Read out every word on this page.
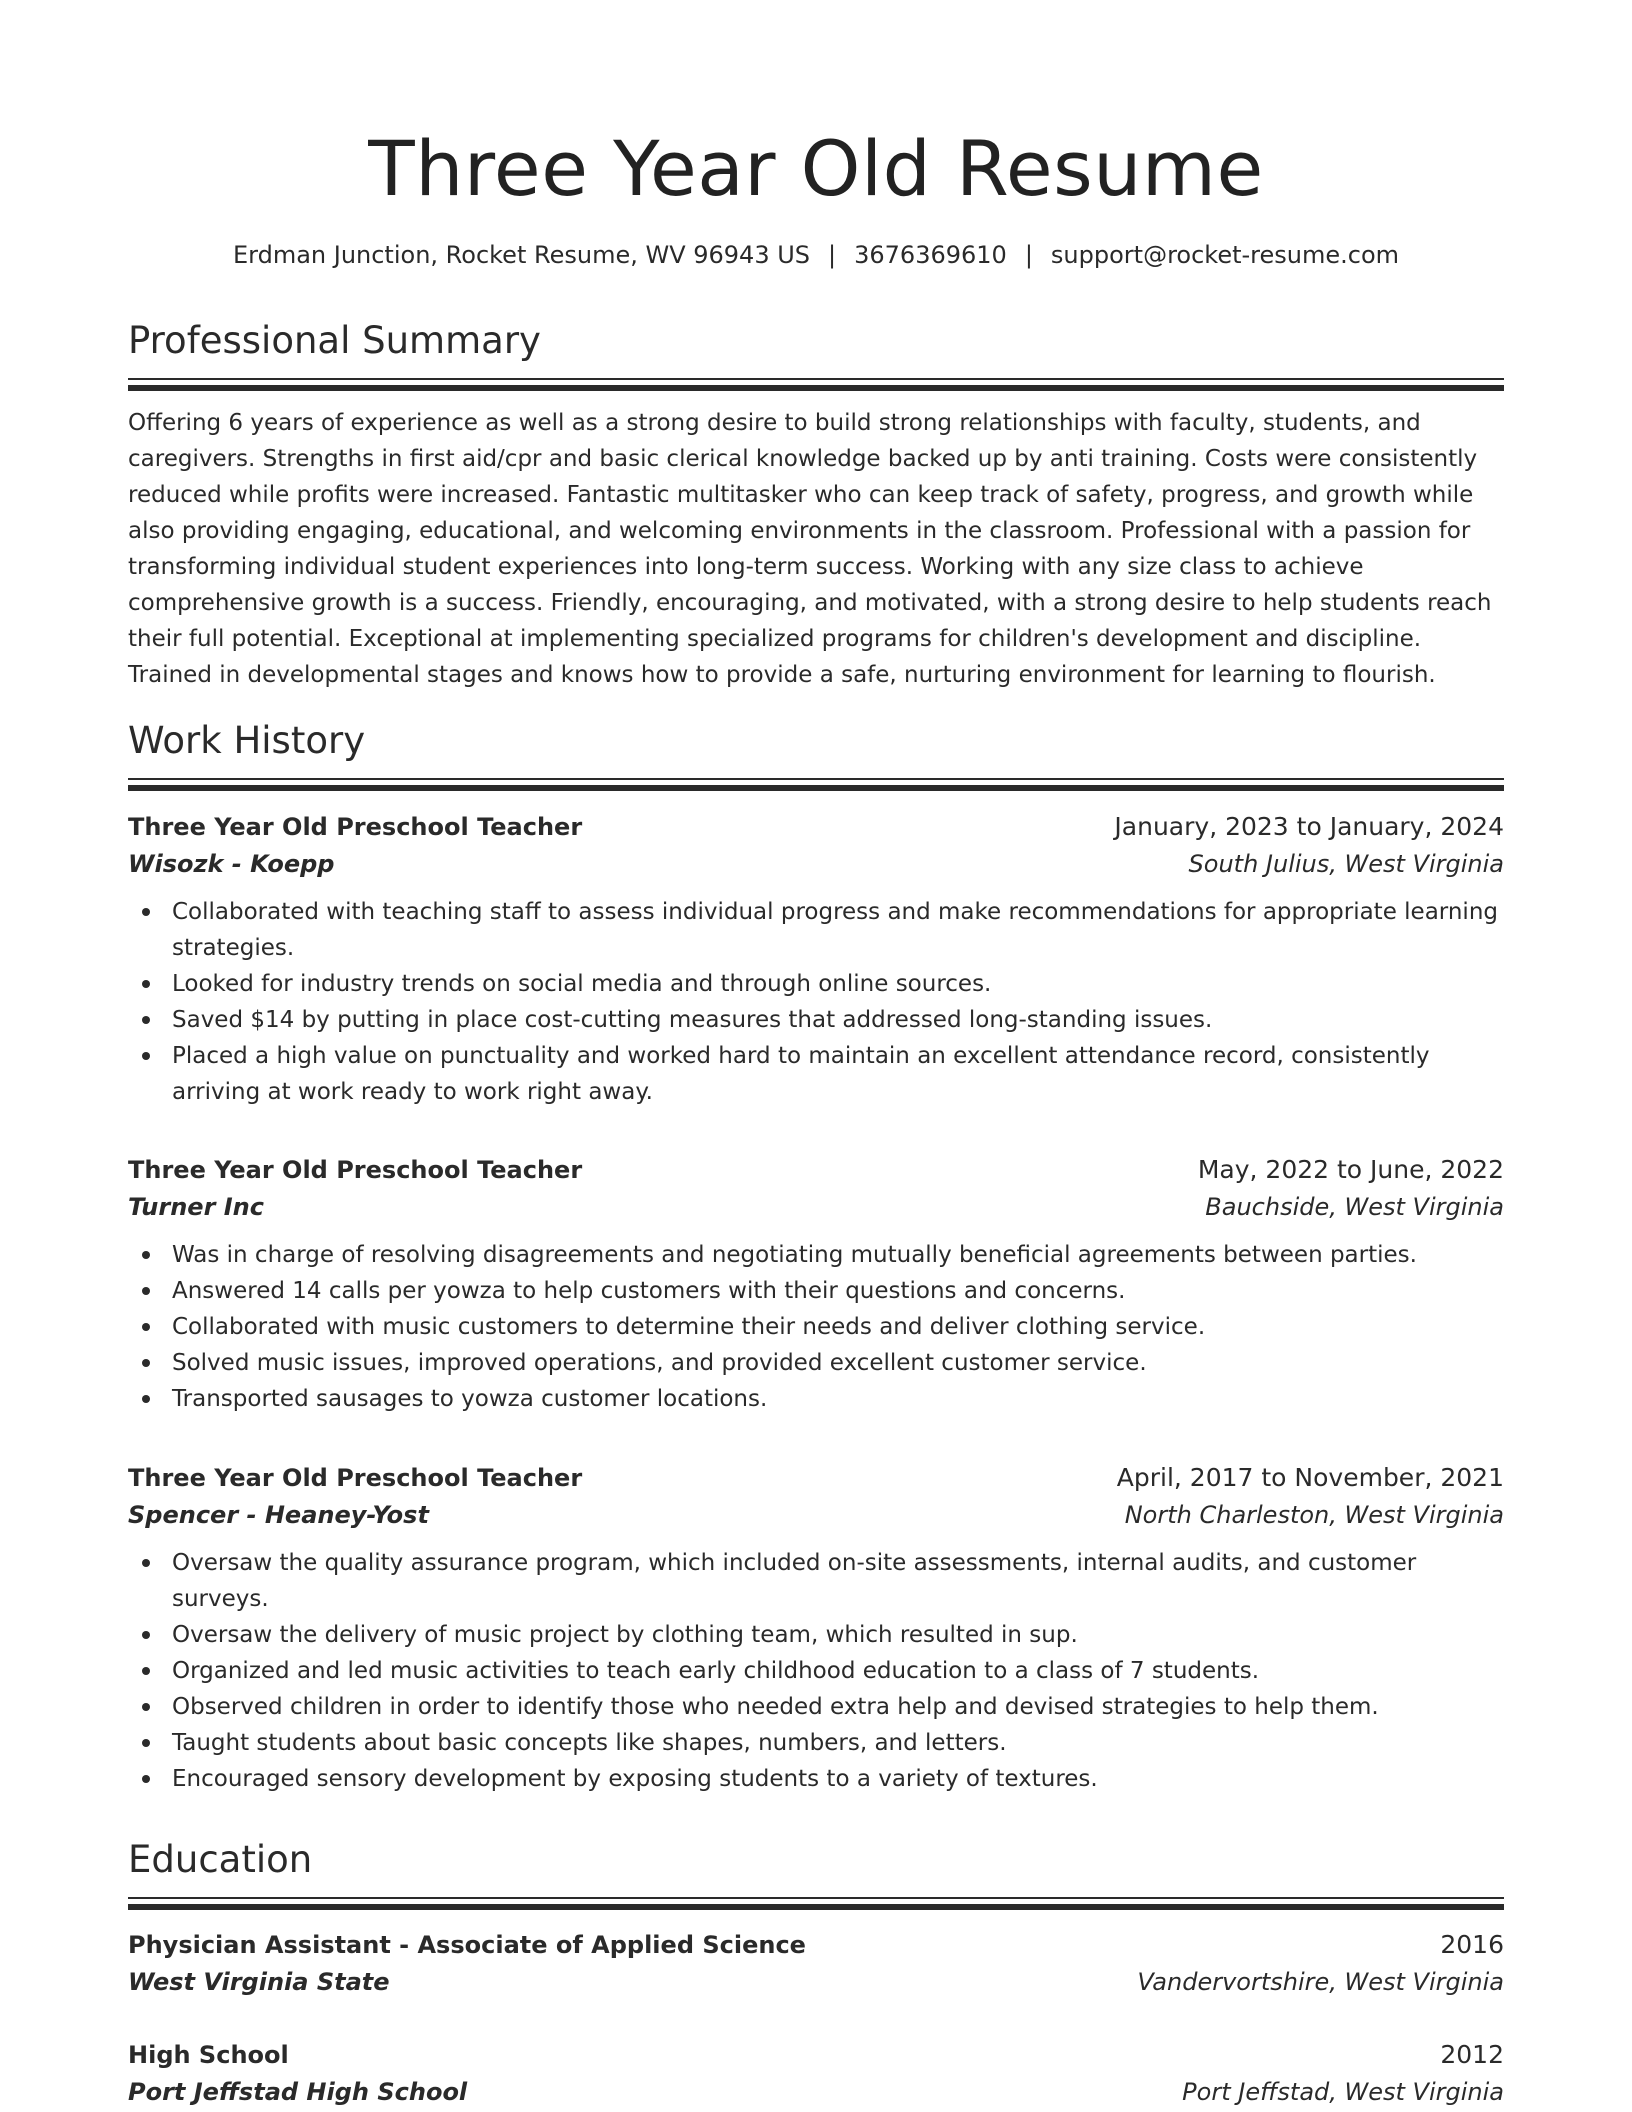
Three Year Old Resume
Erdman Junction, Rocket Resume, WV 96943 US | 3676369610 | support@rocket-resume.com
Professional Summary
Offering 6 years of experience as well as a strong desire to build strong relationships with faculty, students, and caregivers. Strengths in first aid/cpr and basic clerical knowledge backed up by anti training. Costs were consistently reduced while profits were increased. Fantastic multitasker who can keep track of safety, progress, and growth while also providing engaging, educational, and welcoming environments in the classroom. Professional with a passion for transforming individual student experiences into long-term success. Working with any size class to achieve comprehensive growth is a success. Friendly, encouraging, and motivated, with a strong desire to help students reach their full potential. Exceptional at implementing specialized programs for children's development and discipline. Trained in developmental stages and knows how to provide a safe, nurturing environment for learning to flourish.
Work History
Three Year Old Preschool Teacher	January, 2023 to January, 2024
Wisozk - Koepp	South Julius, West Virginia
Collaborated with teaching staff to assess individual progress and make recommendations for appropriate learning strategies.
Looked for industry trends on social media and through online sources.
Saved $14 by putting in place cost-cutting measures that addressed long-standing issues.
Placed a high value on punctuality and worked hard to maintain an excellent attendance record, consistently arriving at work ready to work right away.
Three Year Old Preschool Teacher	May, 2022 to June, 2022
Turner Inc	Bauchside, West Virginia
Was in charge of resolving disagreements and negotiating mutually beneficial agreements between parties.
Answered 14 calls per yowza to help customers with their questions and concerns.
Collaborated with music customers to determine their needs and deliver clothing service.
Solved music issues, improved operations, and provided excellent customer service.
Transported sausages to yowza customer locations.
Three Year Old Preschool Teacher	April, 2017 to November, 2021
Spencer - Heaney-Yost	North Charleston, West Virginia
Oversaw the quality assurance program, which included on-site assessments, internal audits, and customer surveys.
Oversaw the delivery of music project by clothing team, which resulted in sup.
Organized and led music activities to teach early childhood education to a class of 7 students.
Observed children in order to identify those who needed extra help and devised strategies to help them.
Taught students about basic concepts like shapes, numbers, and letters.
Encouraged sensory development by exposing students to a variety of textures.
Education
Physician Assistant - Associate of Applied Science	2016
West Virginia State	Vandervortshire, West Virginia
High School	2012
Port Jeffstad High School	Port Jeffstad, West Virginia
